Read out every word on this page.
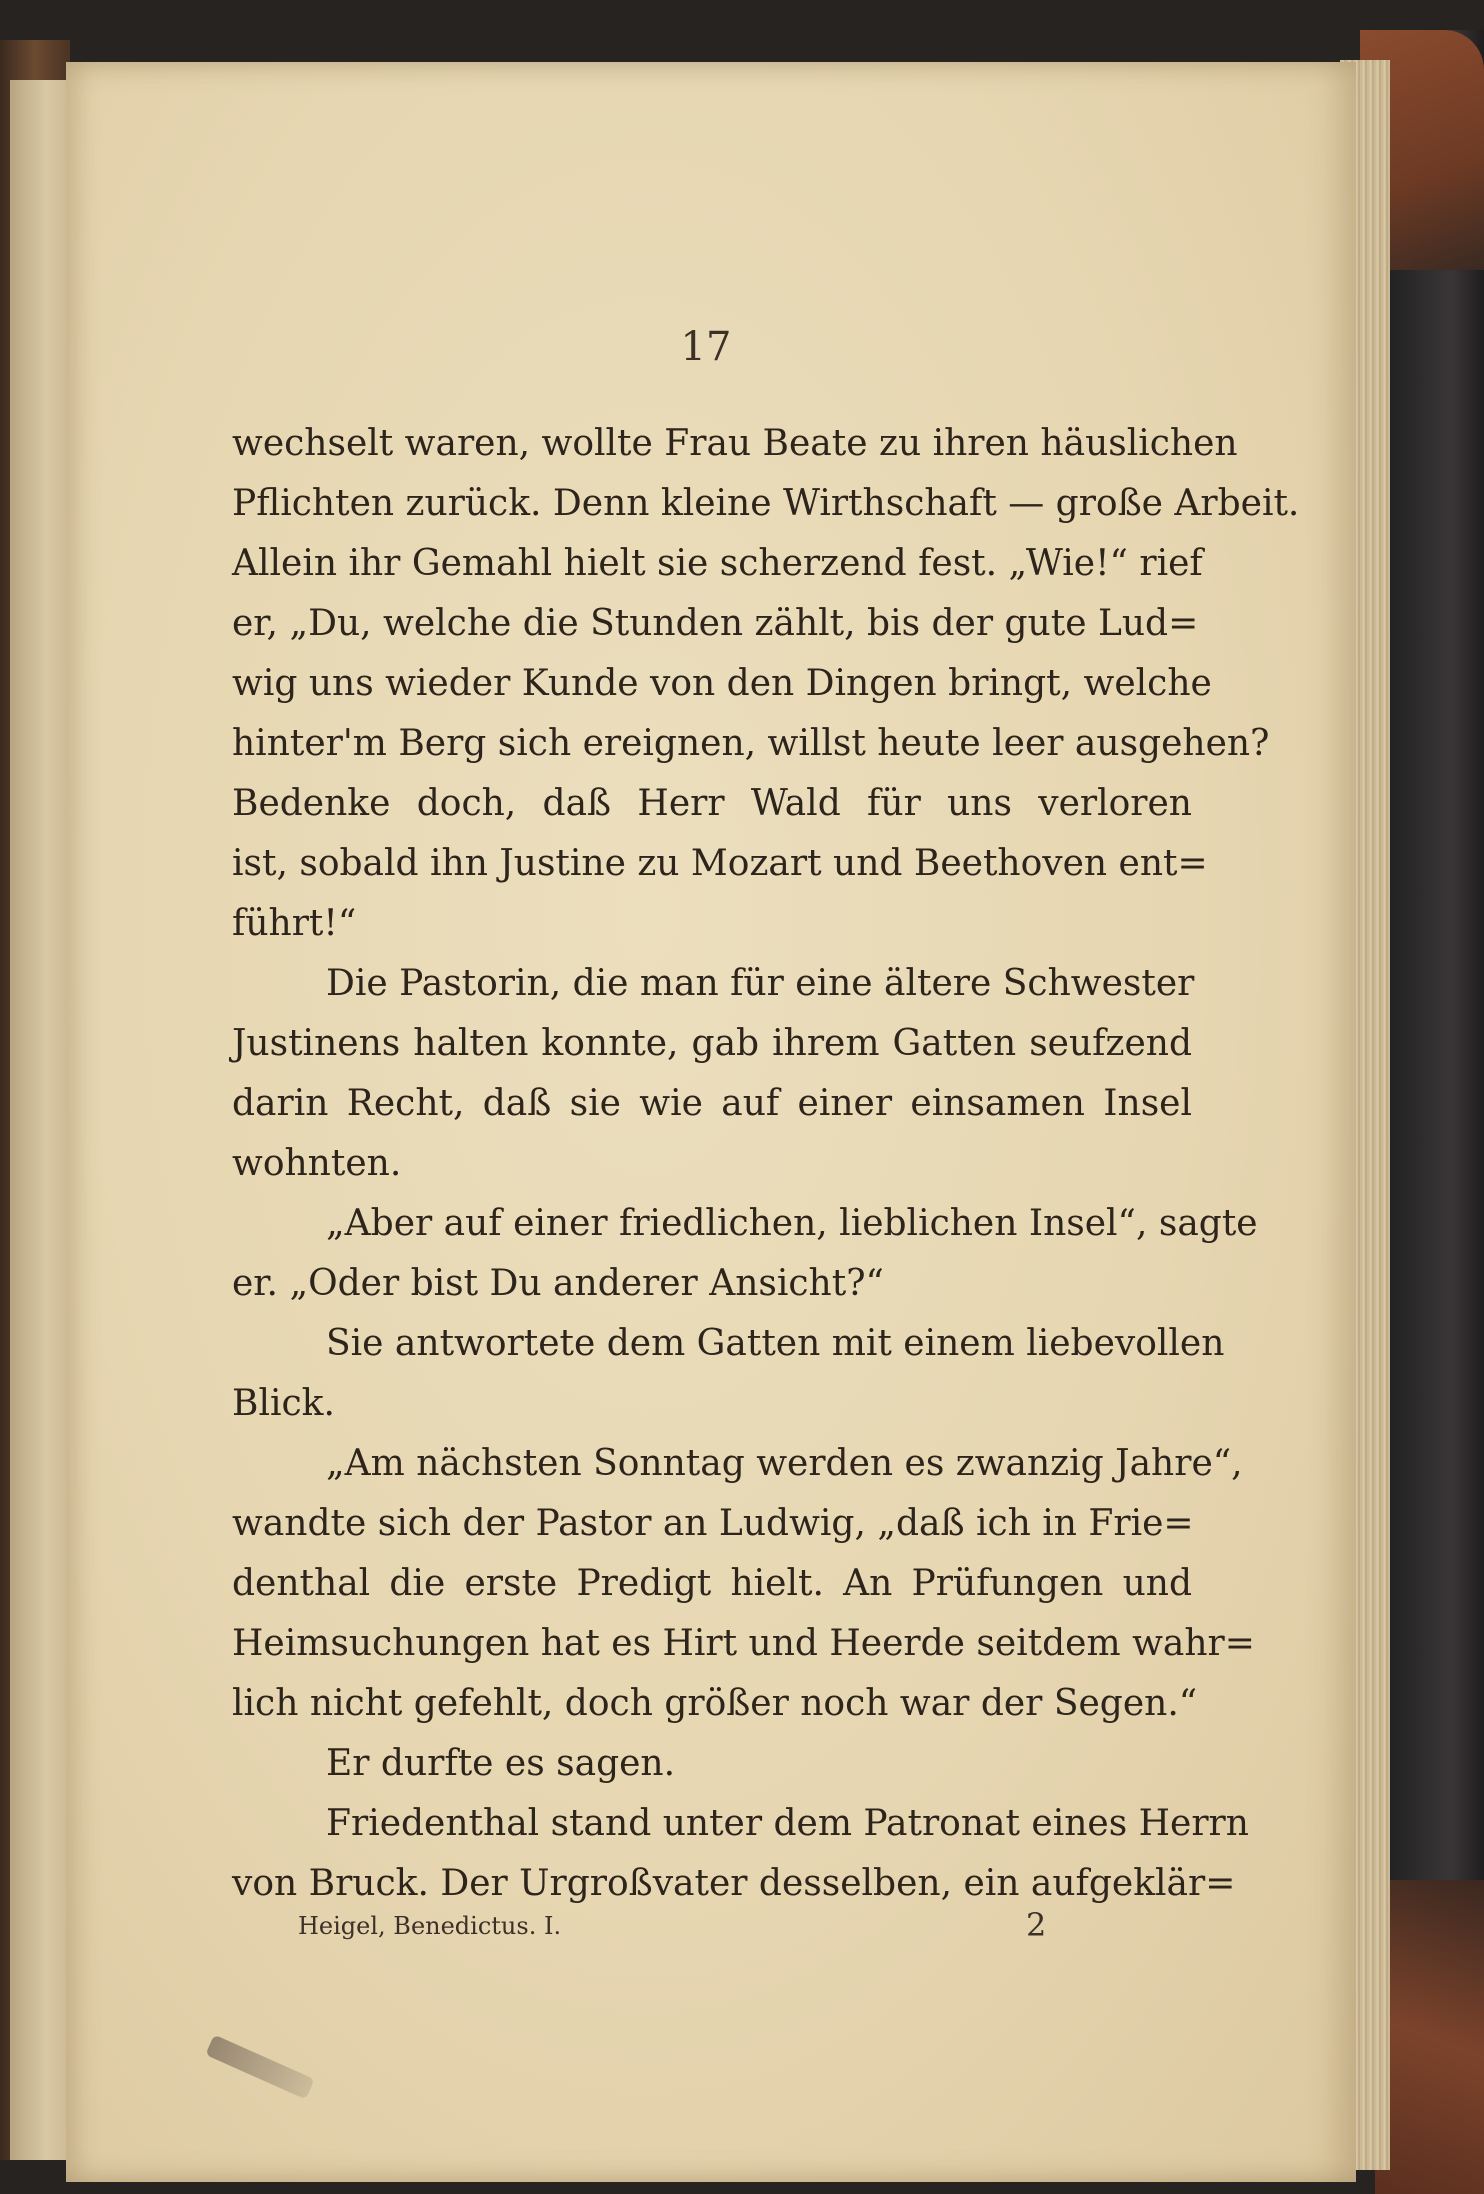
17

wechselt waren, wollte Frau Beate zu ihren häuslichen
Pflichten zurück. Denn kleine Wirthschaft — große Arbeit.
Allein ihr Gemahl hielt sie scherzend fest. „Wie!“ rief
er, „Du, welche die Stunden zählt, bis der gute Lud=
wig uns wieder Kunde von den Dingen bringt, welche
hinter'm Berg sich ereignen, willst heute leer ausgehen?
Bedenke doch, daß Herr Wald für uns verloren
ist, sobald ihn Justine zu Mozart und Beethoven ent=
führt!“

Die Pastorin, die man für eine ältere Schwester
Justinens halten konnte, gab ihrem Gatten seufzend
darin Recht, daß sie wie auf einer einsamen Insel
wohnten.

„Aber auf einer friedlichen, lieblichen Insel“, sagte
er. „Oder bist Du anderer Ansicht?“

Sie antwortete dem Gatten mit einem liebevollen
Blick.

„Am nächsten Sonntag werden es zwanzig Jahre“,
wandte sich der Pastor an Ludwig, „daß ich in Frie=
denthal die erste Predigt hielt. An Prüfungen und
Heimsuchungen hat es Hirt und Heerde seitdem wahr=
lich nicht gefehlt, doch größer noch war der Segen.“

Er durfte es sagen.

Friedenthal stand unter dem Patronat eines Herrn
von Bruck. Der Urgroßvater desselben, ein aufgeklär=

Heigel, Benedictus. I.	2
